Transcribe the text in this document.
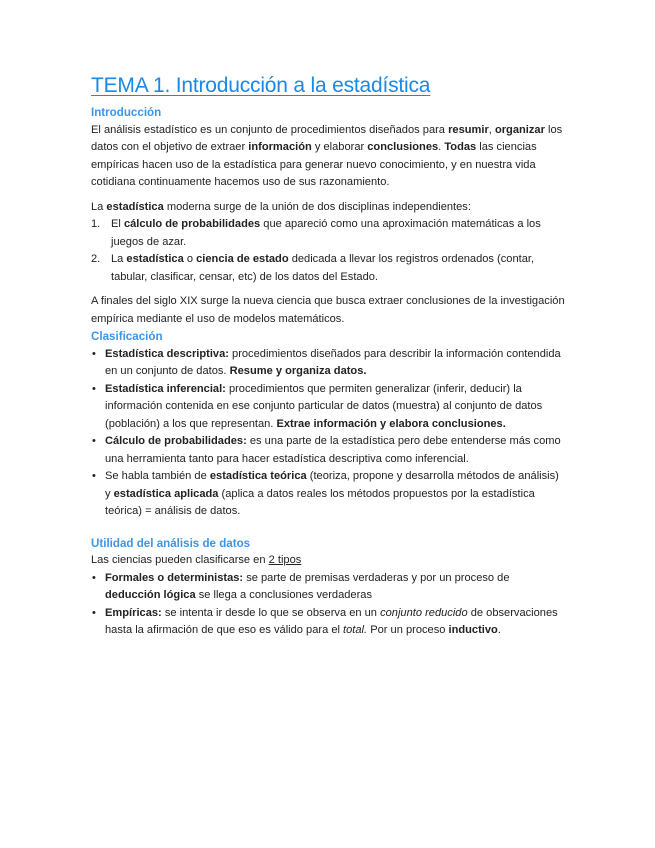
TEMA 1. Introducción a la estadística
Introducción

El análisis estadístico es un conjunto de procedimientos diseñados para resumir, organizar los datos con el objetivo de extraer información y elaborar conclusiones. Todas las ciencias empíricas hacen uso de la estadística para generar nuevo conocimiento, y en nuestra vida cotidiana continuamente hacemos uso de sus razonamiento.

La estadística moderna surge de la unión de dos disciplinas independientes:

1. El cálculo de probabilidades que apareció como una aproximación matemáticas a los juegos de azar.
2. La estadística o ciencia de estado dedicada a llevar los registros ordenados (contar, tabular, clasificar, censar, etc) de los datos del Estado.

A finales del siglo XIX surge la nueva ciencia que busca extraer conclusiones de la investigación empírica mediante el uso de modelos matemáticos.

Clasificación
• Estadística descriptiva: procedimientos diseñados para describir la información contendida en un conjunto de datos. Resume y organiza datos.
• Estadística inferencial: procedimientos que permiten generalizar (inferir, deducir) la información contenida en ese conjunto particular de datos (muestra) al conjunto de datos (población) a los que representan. Extrae información y elabora conclusiones.
• Cálculo de probabilidades: es una parte de la estadística pero debe entenderse más como una herramienta tanto para hacer estadística descriptiva como inferencial.
• Se habla también de estadística teórica (teoriza, propone y desarrolla métodos de análisis) y estadística aplicada (aplica a datos reales los métodos propuestos por la estadística teórica) = análisis de datos.
Utilidad del análisis de datos

Las ciencias pueden clasificarse en 2 tipos

• Formales o deterministas: se parte de premisas verdaderas y por un proceso de deducción lógica se llega a conclusiones verdaderas
• Empíricas: se intenta ir desde lo que se observa en un conjunto reducido de observaciones hasta la afirmación de que eso es válido para el total. Por un proceso inductivo.
